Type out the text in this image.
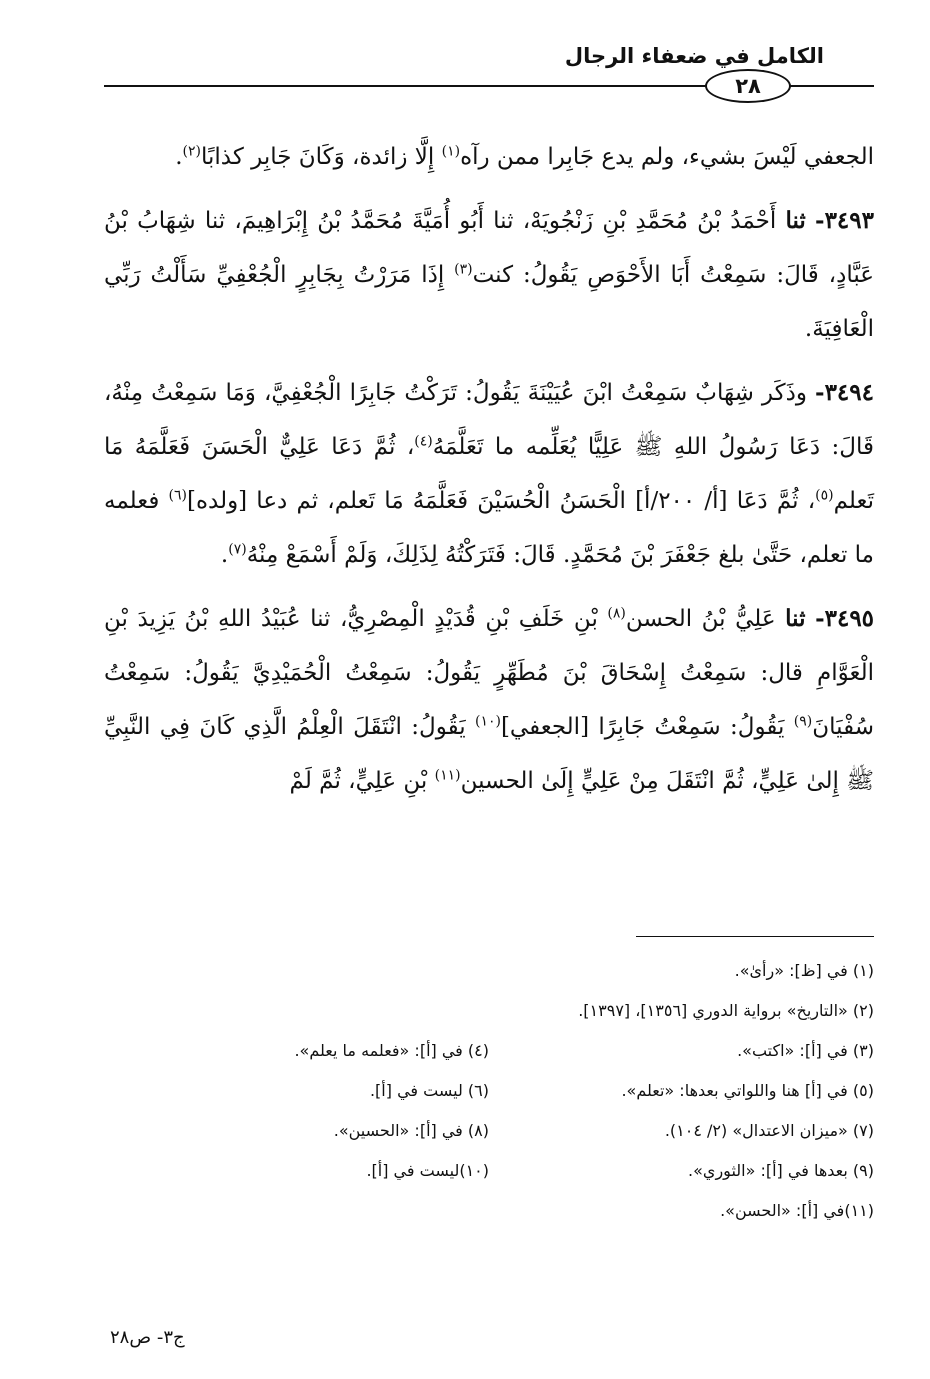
الكامل في ضعفاء الرجال
٢٨

الجعفي لَيْسَ بشيء، ولم يدع جَابِرا ممن رآه$^{(١)}$ إِلَّا زائدة، وَكَانَ جَابِر كذابًا$^{(٢)}$.

٣٤٩٣- ثنا أَحْمَدُ بْنُ مُحَمَّدِ بْنِ زَنْجُويَهْ، ثنا أَبُو أُمَيَّةَ مُحَمَّدُ بْنُ إِبْرَاهِيمَ، ثنا شِهَابُ بْنُ عَبَّادٍ، قَالَ: سَمِعْتُ أَبَا الأَحْوَصِ يَقُولُ: كنت$^{(٣)}$ إِذَا مَرَرْتُ بِجَابِرٍ الْجُعْفِيِّ سَأَلْتُ رَبِّي الْعَافِيَةَ.

٣٤٩٤- وذَكَر شِهَابٌ سَمِعْتُ ابْنَ عُيَيْنَةَ يَقُولُ: تَرَكْتُ جَابِرًا الْجُعْفِيَّ، وَمَا سَمِعْتُ مِنْهُ، قَالَ: دَعَا رَسُولُ اللهِ ﷺ عَلِيًّا يُعَلِّمه ما تَعَلَّمَهُ$^{(٤)}$، ثُمَّ دَعَا عَلِيٌّ الْحَسَنَ فَعَلَّمَهُ مَا تَعلم$^{(٥)}$، ثُمَّ دَعَا [أ/ ٢٠٠/أ] الْحَسَنُ الْحُسَيْنَ فَعَلَّمَهُ مَا تَعلم، ثم دعا [ولده]$^{(٦)}$ فعلمه ما تعلم، حَتَّىٰ بلغ جَعْفَرَ بْنَ مُحَمَّدٍ. قَالَ: فَتَرَكْتُهُ لِذَلِكَ، وَلَمْ أَسْمَعْ مِنْهُ$^{(٧)}$.

٣٤٩٥- ثنا عَلِيُّ بْنُ الحسن$^{(٨)}$ بْنِ خَلَفِ بْنِ قُدَيْدٍ الْمِصْرِيُّ، ثنا عُبَيْدُ اللهِ بْنُ يَزِيدَ بْنِ الْعَوَّامِ قال: سَمِعْتُ إِسْحَاقَ بْنَ مُطَهِّرٍ يَقُولُ: سَمِعْتُ الْحُمَيْدِيَّ يَقُولُ: سَمِعْتُ سُفْيَانَ$^{(٩)}$ يَقُولُ: سَمِعْتُ جَابِرًا [الجعفي]$^{(١٠)}$ يَقُولُ: انْتَقَلَ الْعِلْمُ الَّذِي كَانَ فِي النَّبِيِّ ﷺ إِلىٰ عَلِيٍّ، ثُمَّ انْتَقَلَ مِنْ عَلِيٍّ إِلَىٰ الحسين$^{(١١)}$ بْنِ عَلِيٍّ، ثُمَّ لَمْ

(١) في [ظ]: «رأىٰ».
(٢) «التاريخ» برواية الدوري [١٣٥٦]، [١٣٩٧].
(٣) في [أ]: «اكتب».
(٤) في [أ]: «فعلمه ما يعلم».
(٥) في [أ] هنا واللواتي بعدها: «تعلم».
(٦) ليست في [أ].
(٧) «ميزان الاعتدال» (٢/ ١٠٤).
(٨) في [أ]: «الحسين».
(٩) بعدها في [أ]: «الثوري».
(١٠)ليست في [أ].
(١١)في [أ]: «الحسن».
ج٣- ص٢٨
